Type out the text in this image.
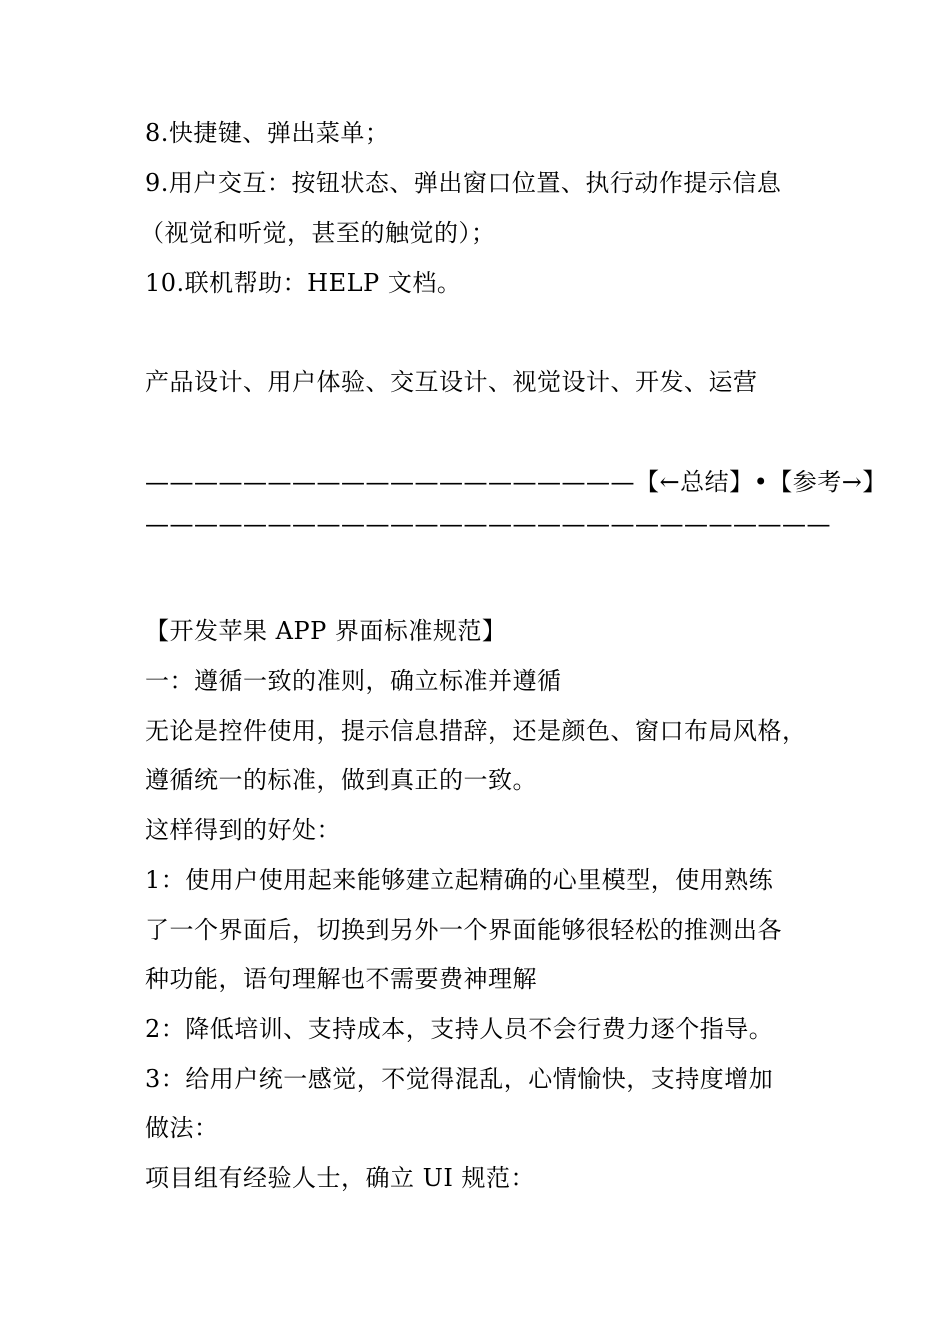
8.快捷键、弹出菜单；
9.用户交互：按钮状态、弹出窗口位置、执行动作提示信息
（视觉和听觉，甚至的触觉的）；
10.联机帮助：HELP 文档。
产品设计、用户体验、交互设计、视觉设计、开发、运营
————————————————————【←总结】•【参考→】
————————————————————————————
【开发苹果 APP 界面标准规范】
一：遵循一致的准则，确立标准并遵循
无论是控件使用，提示信息措辞，还是颜色、窗口布局风格，
遵循统一的标准，做到真正的一致。
这样得到的好处：
1：使用户使用起来能够建立起精确的心里模型，使用熟练
了一个界面后，切换到另外一个界面能够很轻松的推测出各
种功能，语句理解也不需要费神理解
2：降低培训、支持成本，支持人员不会行费力逐个指导。
3：给用户统一感觉，不觉得混乱，心情愉快，支持度增加
做法：
项目组有经验人士，确立 UI 规范：
